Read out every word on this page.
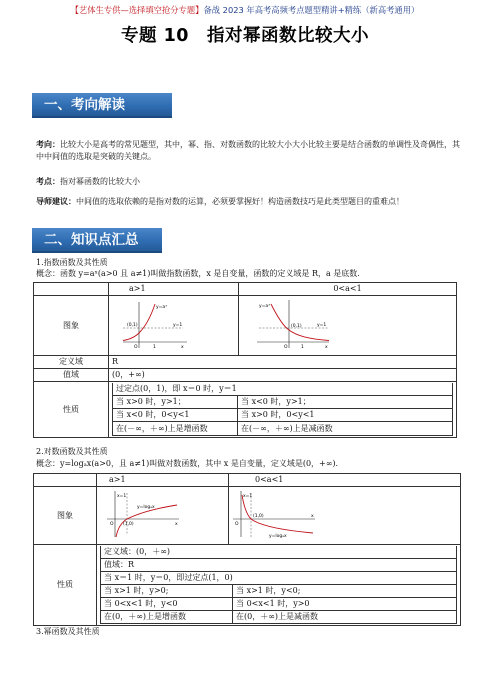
【艺体生专供—选择填空抢分专题】备战 2023 年高考高频考点题型精讲+精练（新高考通用）
专题 10　指对幂函数比较大小
一、考向解读
考向：比较大小是高考的常见题型，其中，幂、指、对数函数的比较大小大小比较主要是结合函数的单调性及奇偶性，其中中间值的选取是突破的关键点。
考点：指对幂函数的比较大小
导师建议：中间值的选取依赖的是指对数的运算，必须要掌握好！构造函数技巧是此类型题目的重难点！
二、知识点汇总
1.指数函数及其性质
概念：函数 y=aˣ(a>0 且 a≠1)叫做指数函数，x 是自变量，函数的定义域是 R，a 是底数.
	a>1	0<a<1
图象	
y=aˣ
(0,1)	y=1
O	1	x

y=aˣ
(0,1)	y=1
O	1	x

定义域	R
值域	(0，+∞)
性质	
过定点(0，1)，即 x＝0 时，y＝1
当 x>0 时，y>1；	当 x<0 时，y>1；
当 x<0 时，0<y<1	当 x>0 时，0<y<1
在(－∞，＋∞)上是增函数	在(－∞，＋∞)上是减函数
2.对数函数及其性质
概念：y=logₐx(a>0，且 a≠1)叫做对数函数，其中 x 是自变量，定义域是(0，+∞).
	a>1	0<a<1
图象	
y=logₐx
x=1
(1,0)
O	x

y=logₐx
x=1
(1,0)
O
x

性质	
定义域：(0，＋∞)
值域：R
当 x＝1 时，y＝0，即过定点(1，0)
当 x>1 时，y>0;	当 x>1 时，y<0;
当 0<x<1 时，y<0	当 0<x<1 时，y>0
在(0，＋∞)上是增函数	在(0，＋∞)上是减函数
3.幂函数及其性质
